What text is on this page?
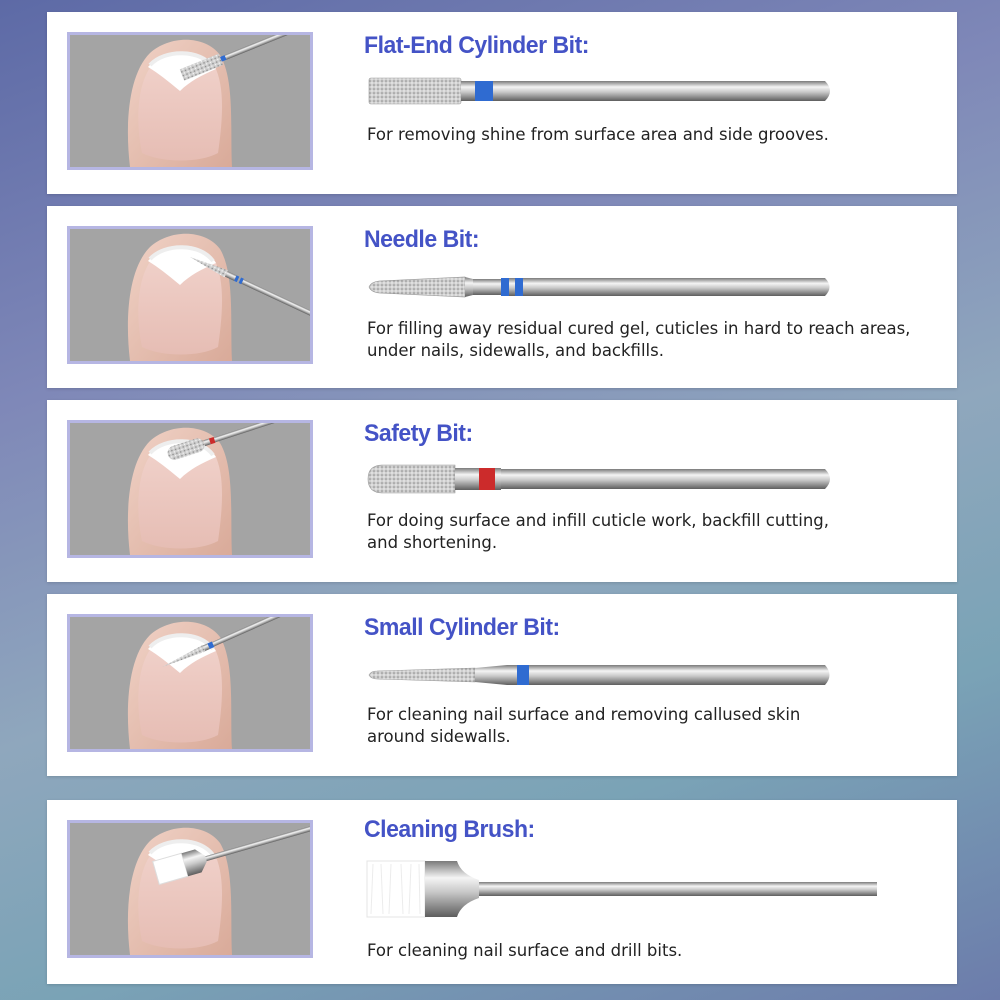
Flat-End Cylinder Bit:

For removing shine from surface area and side grooves.

Needle Bit:

For filling away residual cured gel, cuticles in hard to reach areas,
under nails, sidewalls, and backfills.

Safety Bit:

For doing surface and infill cuticle work, backfill cutting,
and shortening.

Small Cylinder Bit:

For cleaning nail surface and removing callused skin
around sidewalls.

Cleaning Brush:

For cleaning nail surface and drill bits.
